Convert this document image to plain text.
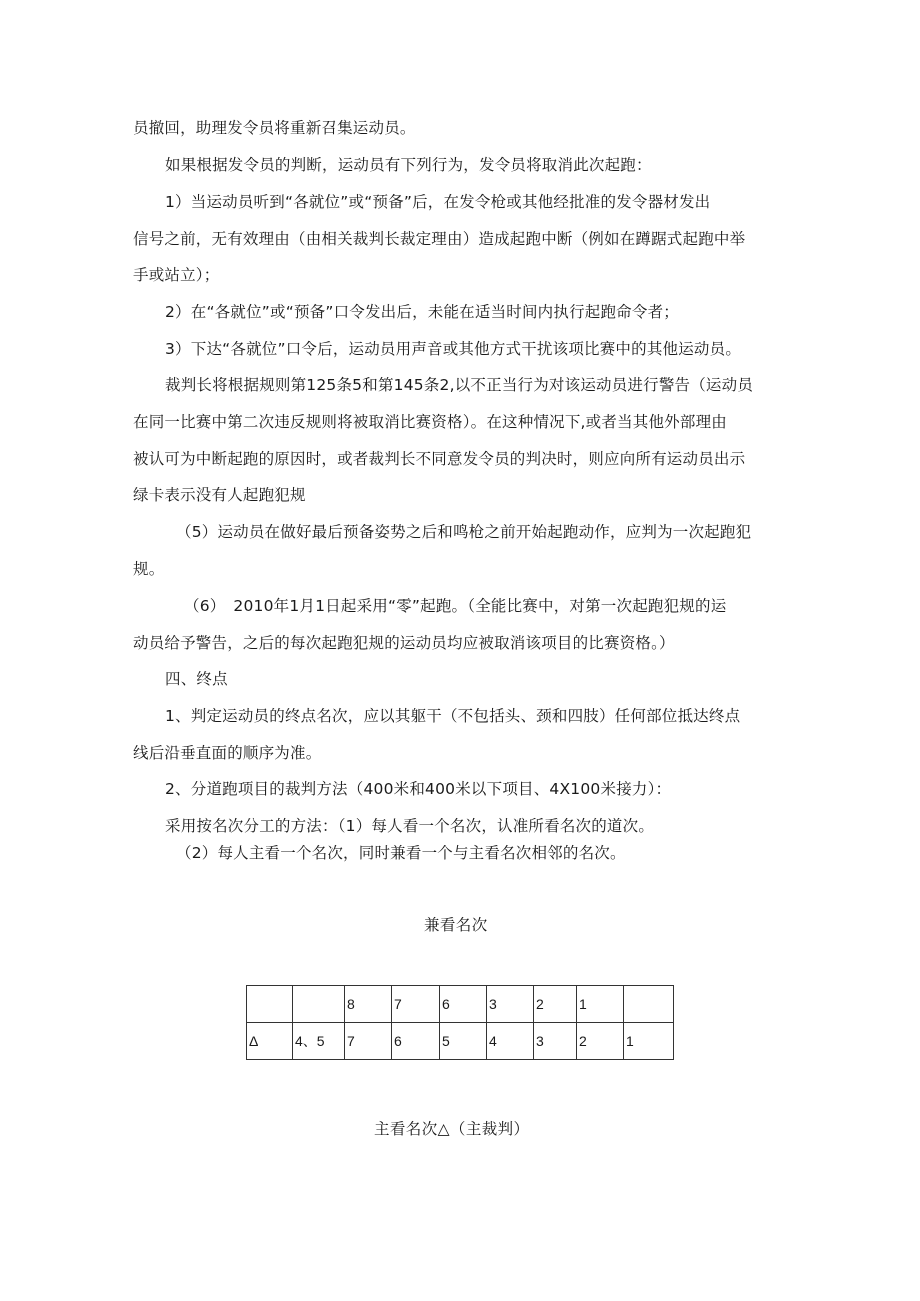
员撤回，助理发令员将重新召集运动员。
如果根据发令员的判断，运动员有下列行为，发令员将取消此次起跑：
1）当运动员听到“各就位”或“预备”后，在发令枪或其他经批准的发令器材发出
信号之前，无有效理由（由相关裁判长裁定理由）造成起跑中断（例如在蹲踞式起跑中举
手或站立）；
2）在“各就位”或“预备”口令发出后，未能在适当时间内执行起跑命令者；
3）下达“各就位”口令后，运动员用声音或其他方式干扰该项比赛中的其他运动员。
裁判长将根据规则第125条5和第145条2,以不正当行为对该运动员进行警告（运动员
在同一比赛中第二次违反规则将被取消比赛资格）。在这种情况下,或者当其他外部理由
被认可为中断起跑的原因时，或者裁判长不同意发令员的判决时，则应向所有运动员出示
绿卡表示没有人起跑犯规
（5）运动员在做好最后预备姿势之后和鸣枪之前开始起跑动作，应判为一次起跑犯
规。
（6）　2010年1月1日起采用“零”起跑。（全能比赛中，对第一次起跑犯规的运
动员给予警告，之后的每次起跑犯规的运动员均应被取消该项目的比赛资格。）
四、终点
1、判定运动员的终点名次，应以其躯干（不包括头、颈和四肢）任何部位抵达终点
线后沿垂直面的顺序为准。
2、分道跑项目的裁判方法（400米和400米以下项目、4X100米接力）：
采用按名次分工的方法：（1）每人看一个名次，认准所看名次的道次。
（2）每人主看一个名次，同时兼看一个与主看名次相邻的名次。
兼看名次
		8	7	6	3	2	1	
Δ	4、5	7	6	5	4	3	2	1
主看名次△（主裁判）
